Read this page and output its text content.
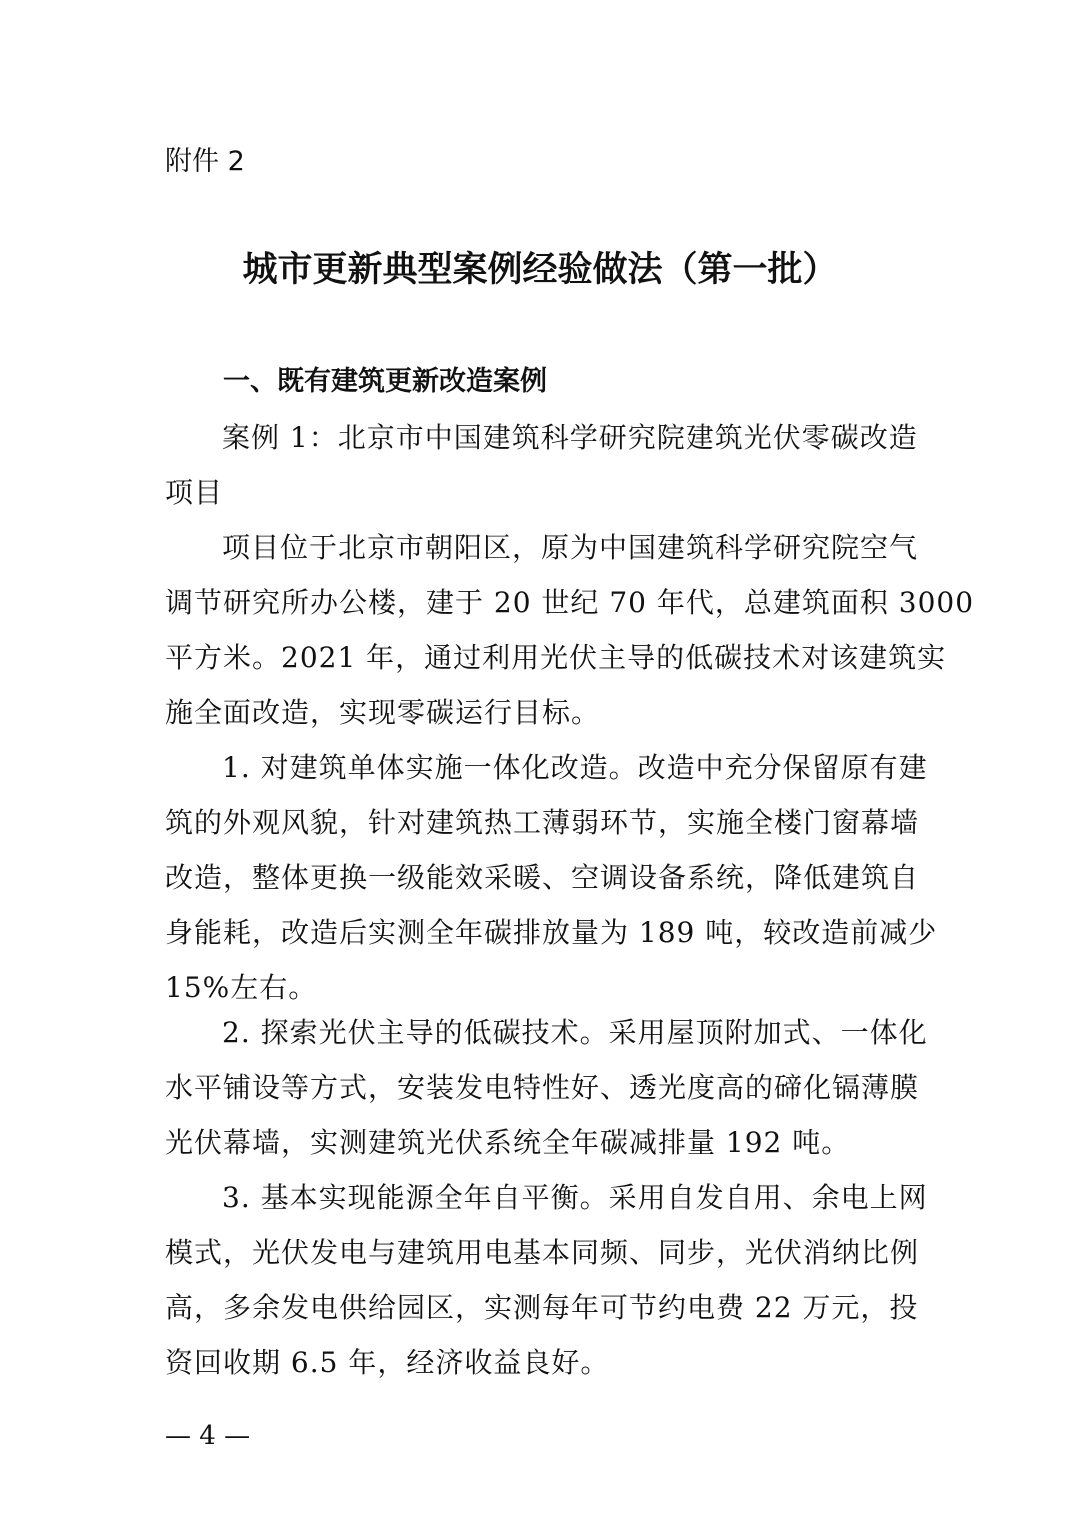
附件 2
城市更新典型案例经验做法（第一批）
一、既有建筑更新改造案例
案例 1：北京市中国建筑科学研究院建筑光伏零碳改造
项目

项目位于北京市朝阳区，原为中国建筑科学研究院空气
调节研究所办公楼，建于 20 世纪 70 年代，总建筑面积 3000
平方米。2021 年，通过利用光伏主导的低碳技术对该建筑实
施全面改造，实现零碳运行目标。

1. 对建筑单体实施一体化改造。改造中充分保留原有建
筑的外观风貌，针对建筑热工薄弱环节，实施全楼门窗幕墙
改造，整体更换一级能效采暖、空调设备系统，降低建筑自
身能耗，改造后实测全年碳排放量为 189 吨，较改造前减少
15%左右。

2. 探索光伏主导的低碳技术。采用屋顶附加式、一体化
水平铺设等方式，安装发电特性好、透光度高的碲化镉薄膜
光伏幕墙，实测建筑光伏系统全年碳减排量 192 吨。

3. 基本实现能源全年自平衡。采用自发自用、余电上网
模式，光伏发电与建筑用电基本同频、同步，光伏消纳比例
高，多余发电供给园区，实测每年可节约电费 22 万元，投
资回收期 6.5 年，经济收益良好。

— 4 —
